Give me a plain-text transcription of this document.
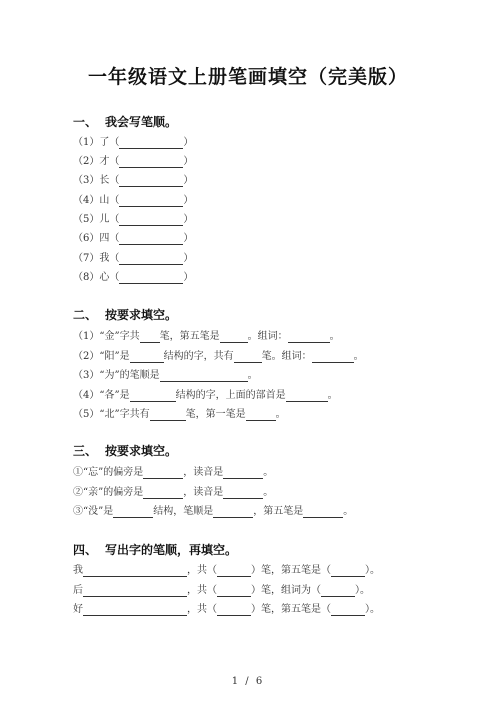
一年级语文上册笔画填空（完美版）
一、 我会写笔顺。
（1）了（	）
（2）才（	）
（3）长（	）
（4）山（	）
（5）儿（	）
（6）四（	）
（7）我（	）
（8）心（	）
二、 按要求填空。
（1）“金”字共 笔，第五笔是	。组词：	。
（2）“阳”是	结构的字，共有	笔。组词：	。
（3）“为”的笔顺是	。
（4）“各”是	结构的字，上面的部首是	。
（5）“北”字共有	笔，第一笔是	。
三、 按要求填空。
①“忘”的偏旁是	，读音是	。
②“亲”的偏旁是	，读音是	。
③“没”是	结构，笔顺是	，第五笔是	。
四、 写出字的笔顺，再填空。
我	，共（	）笔，第五笔是（	）。
后	，共（	）笔，组词为（	）。
好	，共（	）笔，第五笔是（	）。
1 / 6
